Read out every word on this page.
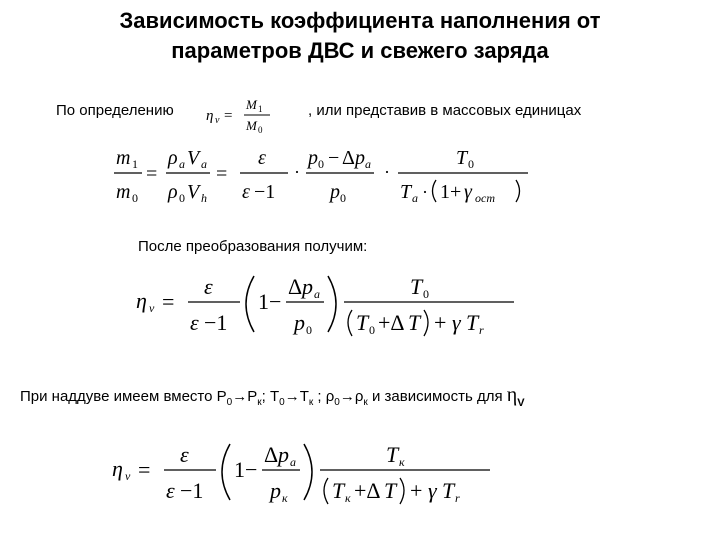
Зависимость коэффициента наполнения от
параметров ДВС и свежего заряда
По определению η v =
M 1
M 0
, или представив в массовых единицах
m 1
m 0
=
ρ a V a
ρ 0 V h
=
ε
ε −1
·
p 0 − Δ p a
p 0
·
T 0
T a · 1+ γ ост
После преобразования получим:
η v =
ε
ε −1
1−
Δ p a
p 0
T 0
T 0 +Δ T + γ T r
При наддуве имеем вместо $Р_0\to Р_к$; $Т_0\to Т_к$ ; $\rho_0\to\rho_к$ и зависимость для $\eta_V$
η v =
ε
ε −1
1−
Δ p a
p к
T к
T к +Δ T + γ T r
